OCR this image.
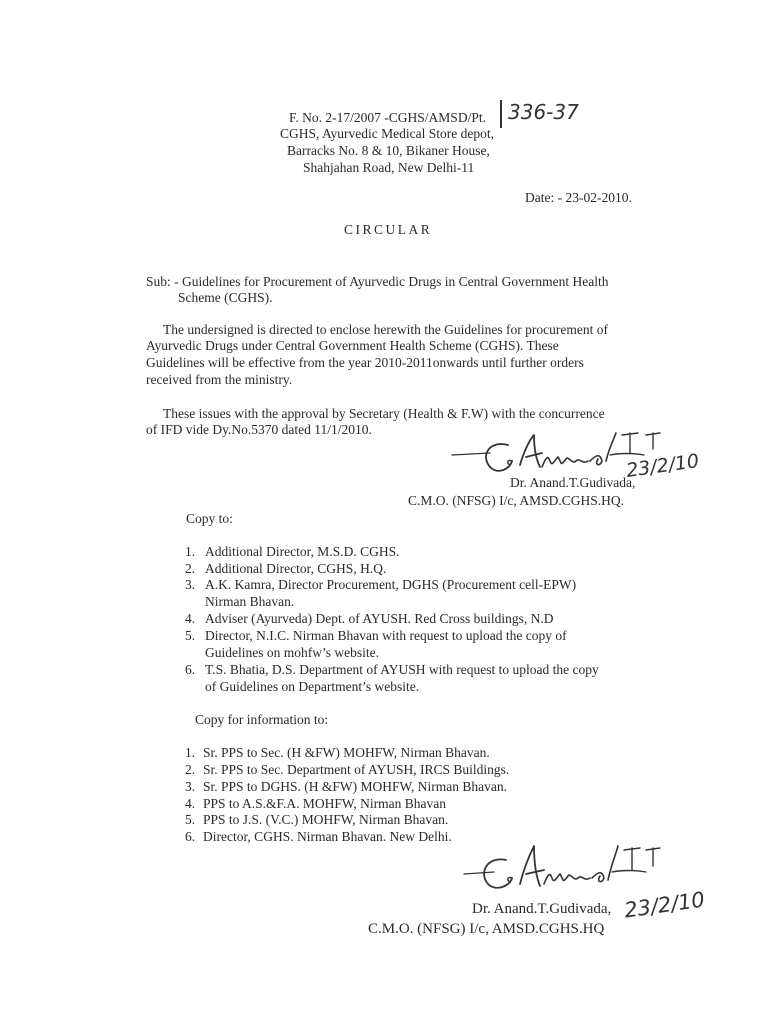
F. No. 2-17/2007 -CGHS/AMSD/Pt. 336-37
CGHS, Ayurvedic Medical Store depot,
Barracks No. 8 & 10, Bikaner House,
Shahjahan Road, New Delhi-11
Date: - 23-02-2010.
CIRCULAR
Sub: - Guidelines for Procurement of Ayurvedic Drugs in Central Government Health
Scheme (CGHS).
The undersigned is directed to enclose herewith the Guidelines for procurement of
Ayurvedic Drugs under Central Government Health Scheme (CGHS). These
Guidelines will be effective from the year 2010-2011onwards until further orders
received from the ministry.
These issues with the approval by Secretary (Health & F.W) with the concurrence
of IFD vide Dy.No.5370 dated 11/1/2010.
23/2/10
Dr. Anand.T.Gudivada,
C.M.O. (NFSG) I/c, AMSD.CGHS.HQ.
Copy to:
1. Additional Director, M.S.D. CGHS.
2. Additional Director, CGHS, H.Q.
3. A.K. Kamra, Director Procurement, DGHS (Procurement cell-EPW)
Nirman Bhavan.
4. Adviser (Ayurveda) Dept. of AYUSH. Red Cross buildings, N.D
5. Director, N.I.C. Nirman Bhavan with request to upload the copy of
Guidelines on mohfw’s website.
6. T.S. Bhatia, D.S. Department of AYUSH with request to upload the copy
of Guidelines on Department’s website.
Copy for information to:
1. Sr. PPS to Sec. (H &FW) MOHFW, Nirman Bhavan.
2. Sr. PPS to Sec. Department of AYUSH, IRCS Buildings.
3. Sr. PPS to DGHS. (H &FW) MOHFW, Nirman Bhavan.
4. PPS to A.S.&F.A. MOHFW, Nirman Bhavan
5. PPS to J.S. (V.C.) MOHFW, Nirman Bhavan.
6. Director, CGHS. Nirman Bhavan. New Delhi.
23/2/10
Dr. Anand.T.Gudivada,
C.M.O. (NFSG) I/c, AMSD.CGHS.HQ
